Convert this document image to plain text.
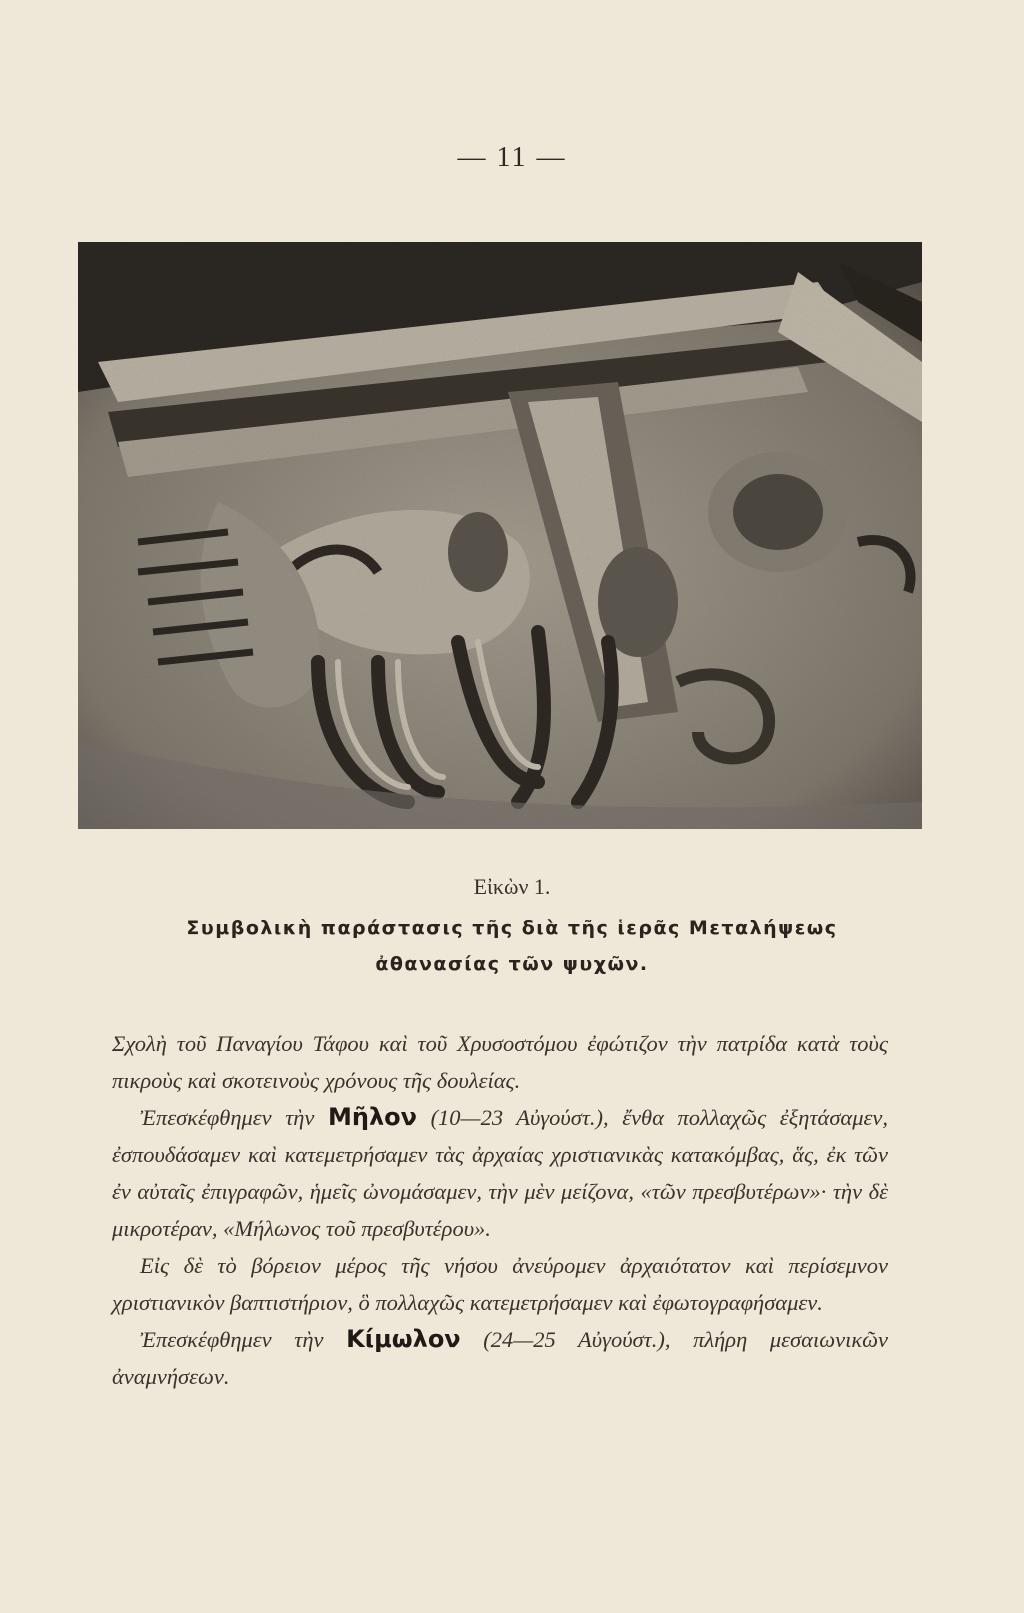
— 11 —
Εἰκὼν 1.
Συμβολικὴ παράστασις τῆς διὰ τῆς ἱερᾶς Μεταλήψεως
ἀθανασίας τῶν ψυχῶν.

Σχολὴ τοῦ Παναγίου Τάφου καὶ τοῦ Χρυσοστόμου ἐφώτιζον τὴν πατρίδα κατὰ τοὺς πικροὺς καὶ σκοτεινοὺς χρόνους τῆς δουλείας.

Ἐπεσκέφθημεν τὴν Μῆλον (10—23 Αὐγούστ.), ἔνθα πολλαχῶς ἐξητάσαμεν, ἐσπουδάσαμεν καὶ κατεμετρήσαμεν τὰς ἀρχαίας χριστιανικὰς κατακόμβας, ἅς, ἐκ τῶν ἐν αὐταῖς ἐπιγραφῶν, ἡμεῖς ὠνομάσαμεν, τὴν μὲν μείζονα, «τῶν πρεσβυτέρων»· τὴν δὲ μικροτέραν, «Μήλωνος τοῦ πρεσβυτέρου».

Εἰς δὲ τὸ βόρειον μέρος τῆς νήσου ἀνεύρομεν ἀρχαιότατον καὶ περίσεμνον χριστιανικὸν βαπτιστήριον, ὃ πολλαχῶς κατεμετρήσαμεν καὶ ἐφωτογραφήσαμεν.

Ἐπεσκέφθημεν τὴν Κίμωλον (24—25 Αὐγούστ.), πλήρη μεσαιωνικῶν ἀναμνήσεων.
